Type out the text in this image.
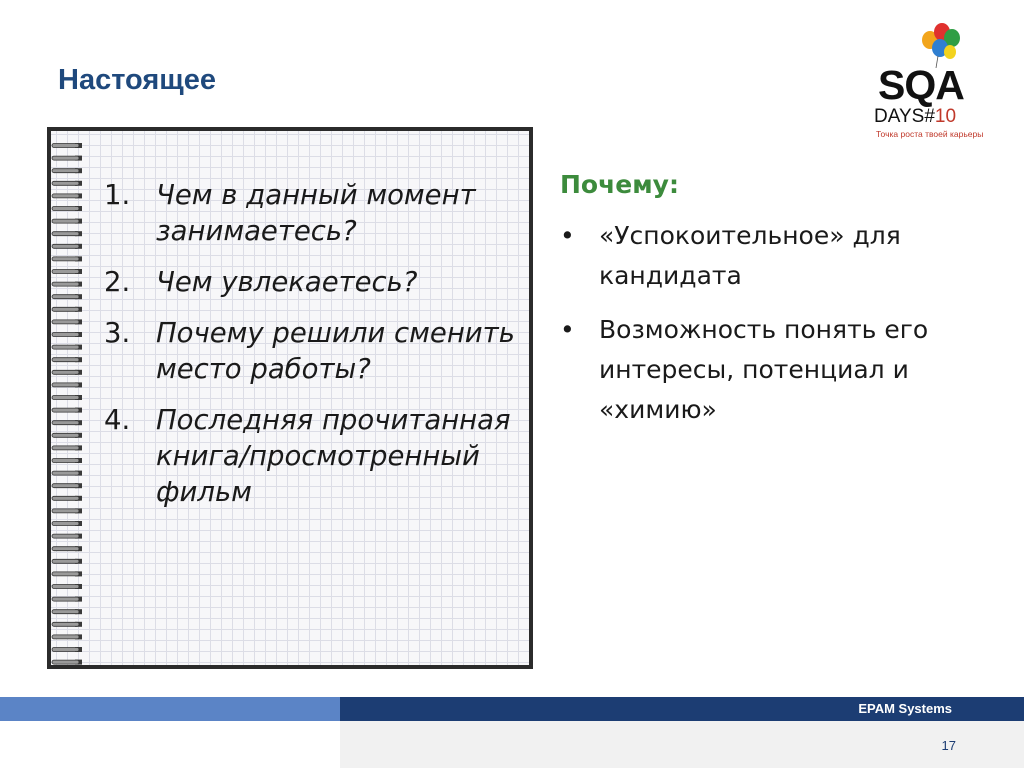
Настоящее	SQA
DAYS#10
Точка роста твоей карьеры
1. Чем в данный момент занимаетесь?
2. Чем увлекаетесь?
3. Почему решили сменить место работы?
4. Последняя прочитанная книга/просмотренный фильм
Почему:
• «Успокоительное» для кандидата
• Возможность понять его интересы, потенциал и «химию»
EPAM Systems
17
